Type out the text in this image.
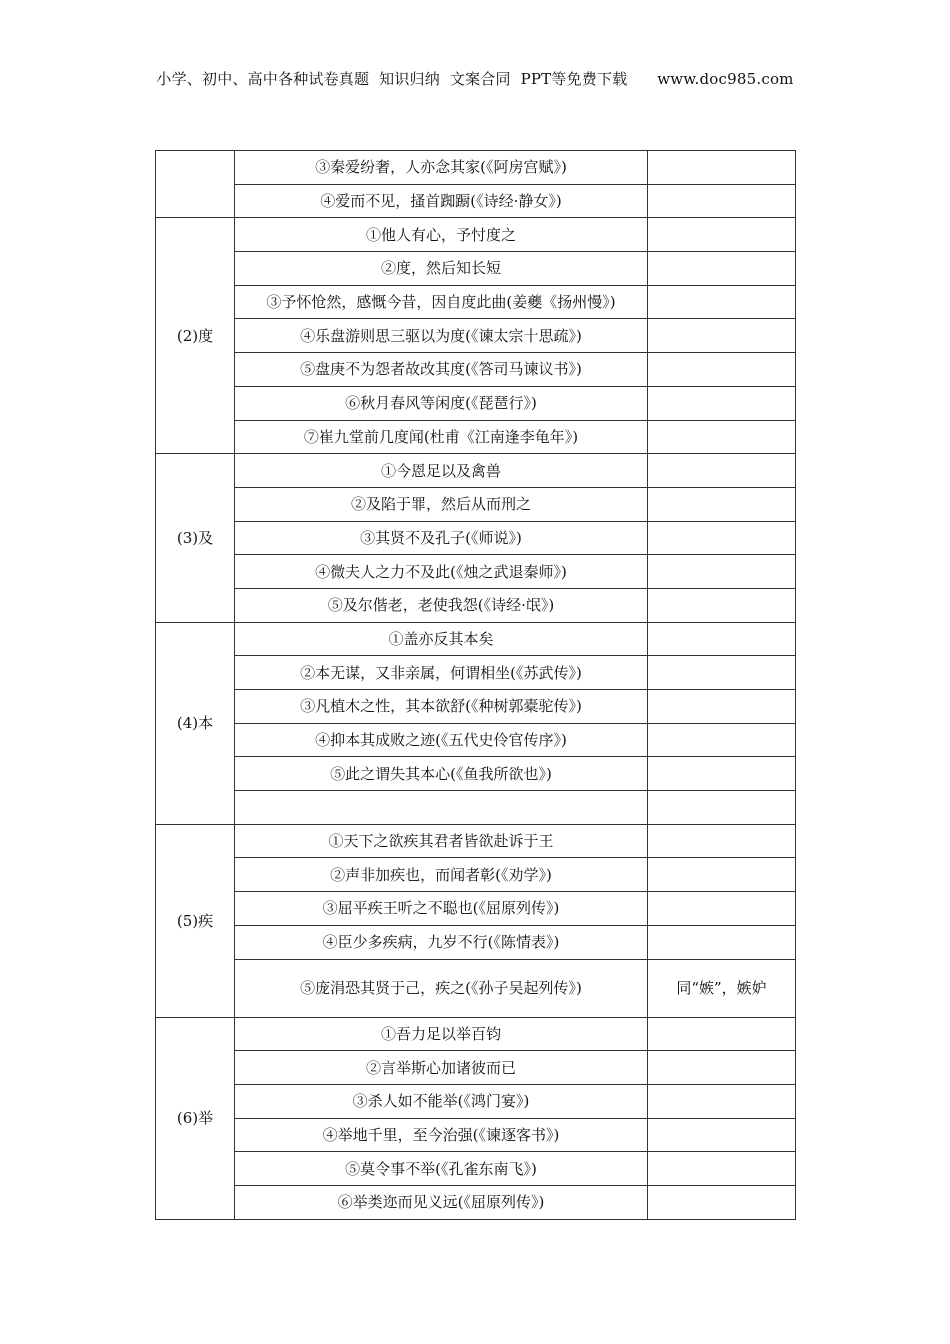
小学、初中、高中各种试卷真题  知识归纳  文案合同  PPT等免费下载      www.doc985.com
	③秦爱纷奢，人亦念其家(《阿房宫赋》)	

	④爱而不见，搔首踟蹰(《诗经·静女》)	

(2)度	①他人有心，予忖度之	

	②度，然后知长短	

	③予怀怆然，感慨今昔，因自度此曲(姜夔《扬州慢》)	

	④乐盘游则思三驱以为度(《谏太宗十思疏》)	

	⑤盘庚不为怨者故改其度(《答司马谏议书》)	

	⑥秋月春风等闲度(《琵琶行》)	

	⑦崔九堂前几度闻(杜甫《江南逢李龟年》)	

(3)及	①今恩足以及禽兽	

	②及陷于罪，然后从而刑之	

	③其贤不及孔子(《师说》)	

	④微夫人之力不及此(《烛之武退秦师》)	

	⑤及尔偕老，老使我怨(《诗经·氓》)	

(4)本	①盖亦反其本矣	

	②本无谋，又非亲属，何谓相坐(《苏武传》)	

	③凡植木之性，其本欲舒(《种树郭橐驼传》)	

	④抑本其成败之迹(《五代史伶官传序》)	

	⑤此之谓失其本心(《鱼我所欲也》)	

(5)疾	①天下之欲疾其君者皆欲赴诉于王	

	②声非加疾也，而闻者彰(《劝学》)	

	③屈平疾王听之不聪也(《屈原列传》)	

	④臣少多疾病，九岁不行(《陈情表》)	

	⑤庞涓恐其贤于己，疾之(《孙子吴起列传》)	同“嫉”，嫉妒

(6)举	①吾力足以举百钧	

	②言举斯心加诸彼而已	

	③杀人如不能举(《鸿门宴》)	

	④举地千里，至今治强(《谏逐客书》)	

	⑤莫令事不举(《孔雀东南飞》)	

	⑥举类迩而见义远(《屈原列传》)	
